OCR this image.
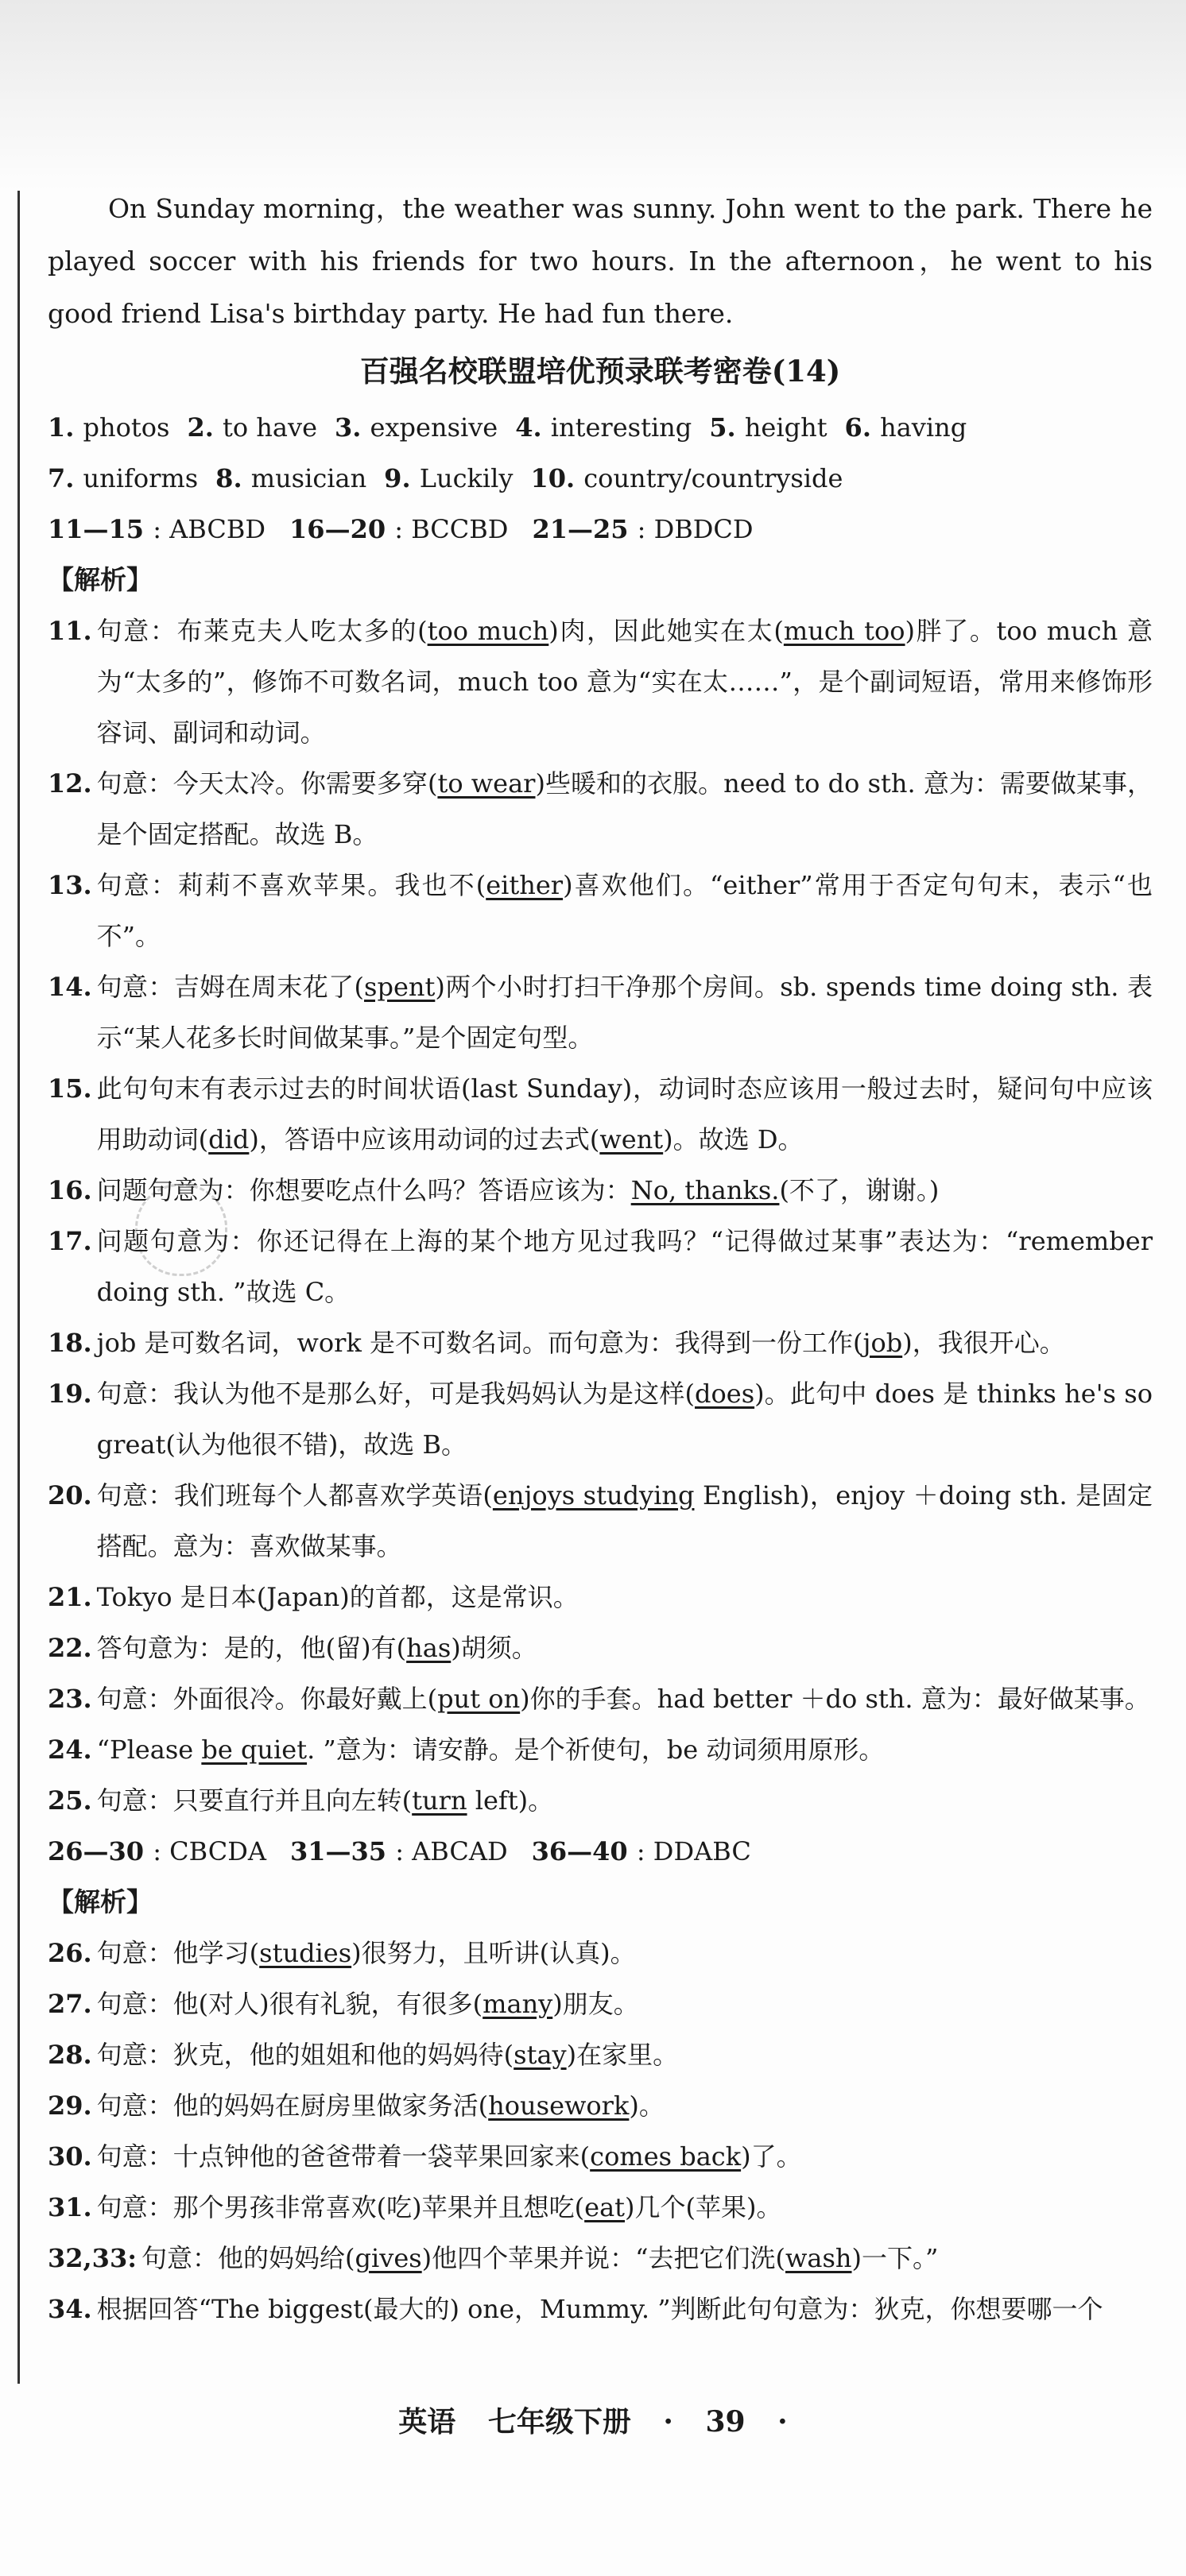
On Sunday morning，the weather was sunny. John went to the park. There he played soccer with his friends for two hours. In the afternoon，he went to his good friend Lisa's birthday party. He had fun there.

百强名校联盟培优预录联考密卷(14)
1. photos 2. to have 3. expensive 4. interesting 5. height 6. having
7. uniforms 8. musician 9. Luckily 10. country/countryside
11—15 : ABCBD 16—20 : BCCBD 21—25 : DBDCD
【解析】
11. 句意：布莱克夫人吃太多的(too much)肉，因此她实在太(much too)胖了。too much 意为“太多的”，修饰不可数名词，much too 意为“实在太……”，是个副词短语，常用来修饰形容词、副词和动词。
12. 句意：今天太冷。你需要多穿(to wear)些暖和的衣服。need to do sth. 意为：需要做某事，是个固定搭配。故选 B。
13. 句意：莉莉不喜欢苹果。我也不(either)喜欢他们。“either”常用于否定句句末，表示“也不”。
14. 句意：吉姆在周末花了(spent)两个小时打扫干净那个房间。sb. spends time doing sth. 表示“某人花多长时间做某事。”是个固定句型。
15. 此句句末有表示过去的时间状语(last Sunday)，动词时态应该用一般过去时，疑问句中应该用助动词(did)，答语中应该用动词的过去式(went)。故选 D。
16. 问题句意为：你想要吃点什么吗？答语应该为：No, thanks.(不了，谢谢。)
17. 问题句意为：你还记得在上海的某个地方见过我吗？“记得做过某事”表达为：“remember doing sth. ”故选 C。
18. job 是可数名词，work 是不可数名词。而句意为：我得到一份工作(job)，我很开心。
19. 句意：我认为他不是那么好，可是我妈妈认为是这样(does)。此句中 does 是 thinks he's so great(认为他很不错)，故选 B。
20. 句意：我们班每个人都喜欢学英语(enjoys studying English)，enjoy ＋doing sth. 是固定搭配。意为：喜欢做某事。
21. Tokyo 是日本(Japan)的首都，这是常识。
22. 答句意为：是的，他(留)有(has)胡须。
23. 句意：外面很冷。你最好戴上(put on)你的手套。had better ＋do sth. 意为：最好做某事。
24. “Please be quiet. ”意为：请安静。是个祈使句，be 动词须用原形。
25. 句意：只要直行并且向左转(turn left)。
26—30 : CBCDA 31—35 : ABCAD 36—40 : DDABC
【解析】
26. 句意：他学习(studies)很努力，且听讲(认真)。
27. 句意：他(对人)很有礼貌，有很多(many)朋友。
28. 句意：狄克，他的姐姐和他的妈妈待(stay)在家里。
29. 句意：他的妈妈在厨房里做家务活(housework)。
30. 句意：十点钟他的爸爸带着一袋苹果回家来(comes back)了。
31. 句意：那个男孩非常喜欢(吃)苹果并且想吃(eat)几个(苹果)。
32,33: 句意：他的妈妈给(gives)他四个苹果并说：“去把它们洗(wash)一下。”
34. 根据回答“The biggest(最大的) one，Mummy. ”判断此句句意为：狄克，你想要哪一个
英语 七年级下册 · 39 ·
